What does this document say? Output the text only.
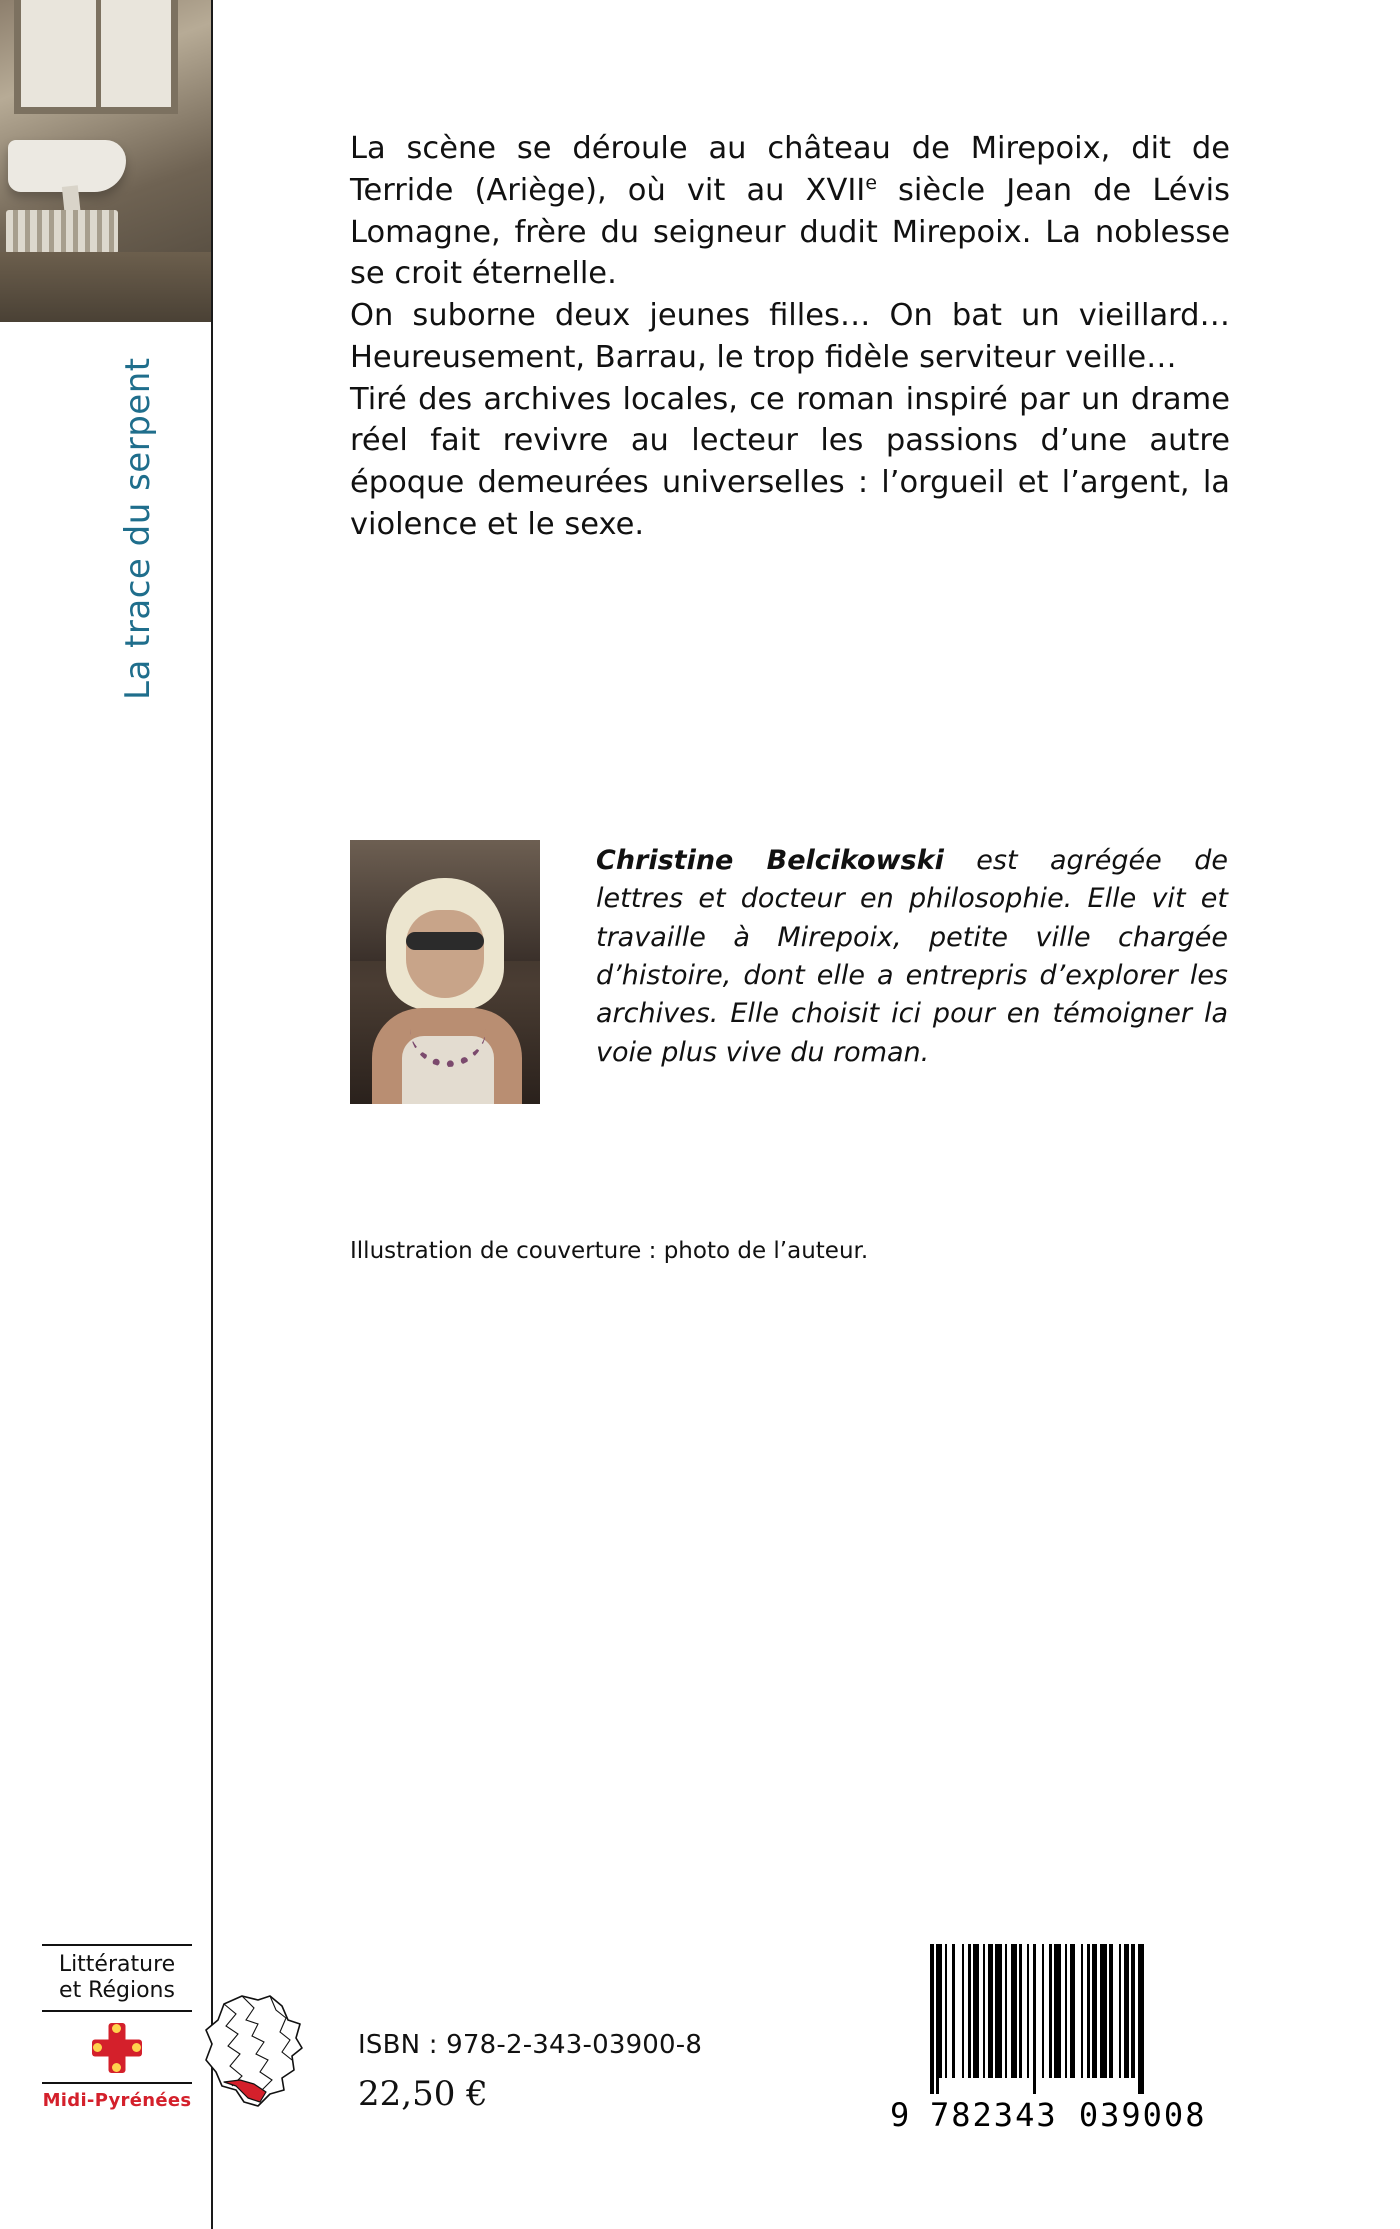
La trace du serpent

La scène se déroule au château de Mirepoix, dit de Terride (Ariège), où vit au XVIIe siècle Jean de Lévis Lomagne, frère du seigneur dudit Mirepoix. La noblesse se croit éternelle.

On suborne deux jeunes filles… On bat un vieillard… Heureusement, Barrau, le trop fidèle serviteur veille…

Tiré des archives locales, ce roman inspiré par un drame réel fait revivre au lecteur les passions d’une autre époque demeurées universelles : l’orgueil et l’argent, la violence et le sexe.

Christine Belcikowski est agrégée de lettres et docteur en philosophie. Elle vit et travaille à Mirepoix, petite ville chargée d’histoire, dont elle a entrepris d’explorer les archives. Elle choisit ici pour en témoigner la voie plus vive du roman.
Illustration de couverture : photo de l’auteur.
Littérature
et Régions
Midi-Pyrénées
ISBN : 978-2-343-03900-8
22,50 €
9 782343 039008
